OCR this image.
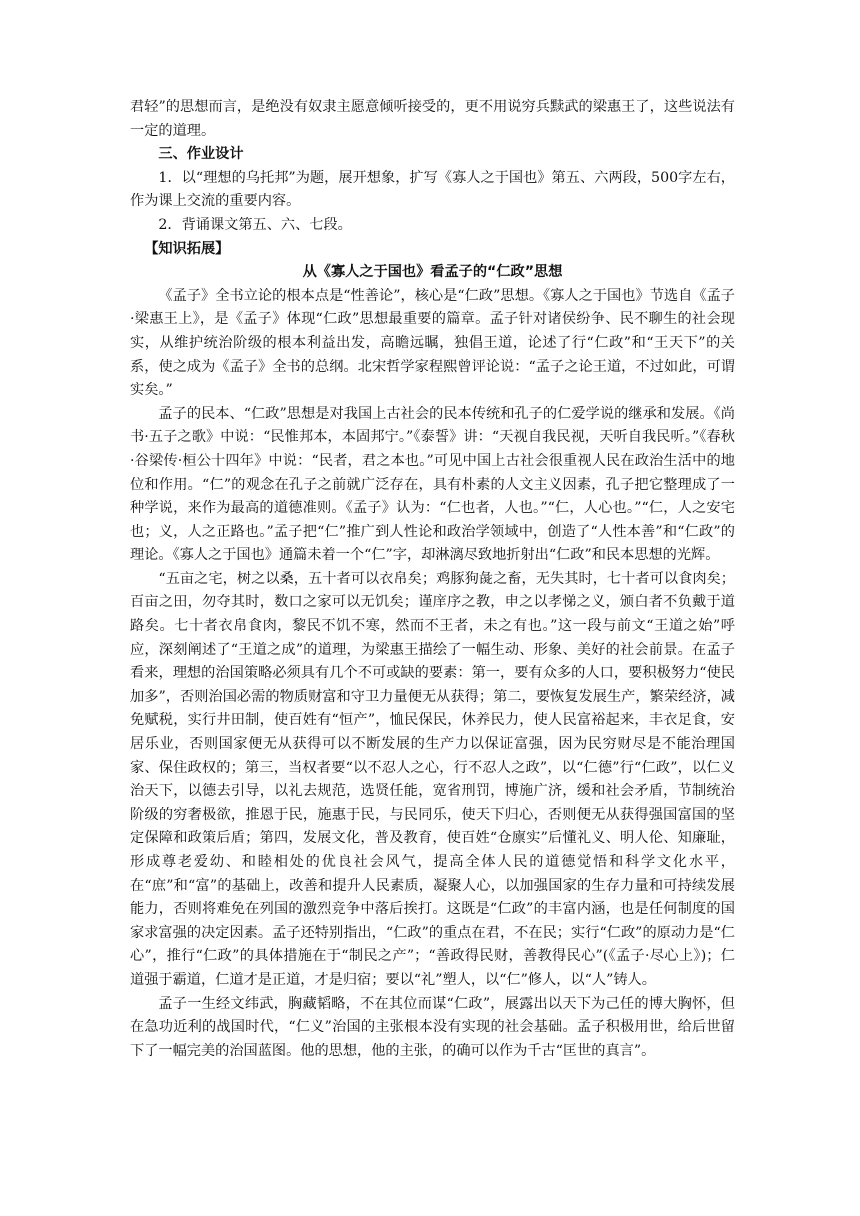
君轻”的思想而言，是绝没有奴隶主愿意倾听接受的，更不用说穷兵黩武的梁惠王了，这些说法有一定的道理。

三、作业设计

1．以“理想的乌托邦”为题，展开想象，扩写《寡人之于国也》第五、六两段，500字左右，作为课上交流的重要内容。

2．背诵课文第五、六、七段。

【知识拓展】

从《寡人之于国也》看孟子的“仁政”思想

《孟子》全书立论的根本点是“性善论”，核心是“仁政”思想。《寡人之于国也》节选自《孟子·梁惠王上》，是《孟子》体现“仁政”思想最重要的篇章。孟子针对诸侯纷争、民不聊生的社会现实，从维护统治阶级的根本利益出发，高瞻远瞩，独倡王道，论述了行“仁政”和“王天下”的关系，使之成为《孟子》全书的总纲。北宋哲学家程熙曾评论说：“孟子之论王道，不过如此，可谓实矣。”

孟子的民本、“仁政”思想是对我国上古社会的民本传统和孔子的仁爱学说的继承和发展。《尚书·五子之歌》中说：“民惟邦本，本固邦宁。”《泰誓》讲：“天视自我民视，天听自我民听。”《春秋·谷梁传·桓公十四年》中说：“民者，君之本也。”可见中国上古社会很重视人民在政治生活中的地位和作用。“仁”的观念在孔子之前就广泛存在，具有朴素的人文主义因素，孔子把它整理成了一种学说，来作为最高的道德准则。《孟子》认为：“仁也者，人也。”“仁，人心也。”“仁，人之安宅也；义，人之正路也。”孟子把“仁”推广到人性论和政治学领域中，创造了“人性本善”和“仁政”的理论。《寡人之于国也》通篇未着一个“仁”字，却淋漓尽致地折射出“仁政”和民本思想的光辉。

“五亩之宅，树之以桑，五十者可以衣帛矣；鸡豚狗彘之畜，无失其时，七十者可以食肉矣；百亩之田，勿夺其时，数口之家可以无饥矣；谨庠序之教，申之以孝悌之义，颁白者不负戴于道路矣。七十者衣帛食肉，黎民不饥不寒，然而不王者，未之有也。”这一段与前文“王道之始”呼应，深刻阐述了“王道之成”的道理，为梁惠王描绘了一幅生动、形象、美好的社会前景。在孟子看来，理想的治国策略必须具有几个不可或缺的要素：第一，要有众多的人口，要积极努力“使民加多”，否则治国必需的物质财富和守卫力量便无从获得；第二，要恢复发展生产，繁荣经济，减免赋税，实行井田制，使百姓有“恒产”，恤民保民，休养民力，使人民富裕起来，丰衣足食，安居乐业，否则国家便无从获得可以不断发展的生产力以保证富强，因为民穷财尽是不能治理国家、保住政权的；第三，当权者要“以不忍人之心，行不忍人之政”，以“仁德”行“仁政”，以仁义治天下，以德去引导，以礼去规范，选贤任能，宽省刑罚，博施广济，缓和社会矛盾，节制统治阶级的穷奢极欲，推恩于民，施惠于民，与民同乐，使天下归心，否则便无从获得强国富国的坚定保障和政策后盾；第四，发展文化，普及教育，使百姓“仓廪实”后懂礼义、明人伦、知廉耻，形成尊老爱幼、和睦相处的优良社会风气，提高全体人民的道德觉悟和科学文化水平，在“庶”和“富”的基础上，改善和提升人民素质，凝聚人心，以加强国家的生存力量和可持续发展能力，否则将难免在列国的激烈竞争中落后挨打。这既是“仁政”的丰富内涵，也是任何制度的国家求富强的决定因素。孟子还特别指出，“仁政”的重点在君，不在民；实行“仁政”的原动力是“仁心”，推行“仁政”的具体措施在于“制民之产”；“善政得民财，善教得民心”(《孟子·尽心上》)；仁道强于霸道，仁道才是正道，才是归宿；要以“礼”塑人，以“仁”修人，以“人”铸人。

孟子一生经文纬武，胸藏韬略，不在其位而谋“仁政”，展露出以天下为己任的博大胸怀，但在急功近利的战国时代，“仁义”治国的主张根本没有实现的社会基础。孟子积极用世，给后世留下了一幅完美的治国蓝图。他的思想，他的主张，的确可以作为千古“匡世的真言”。
